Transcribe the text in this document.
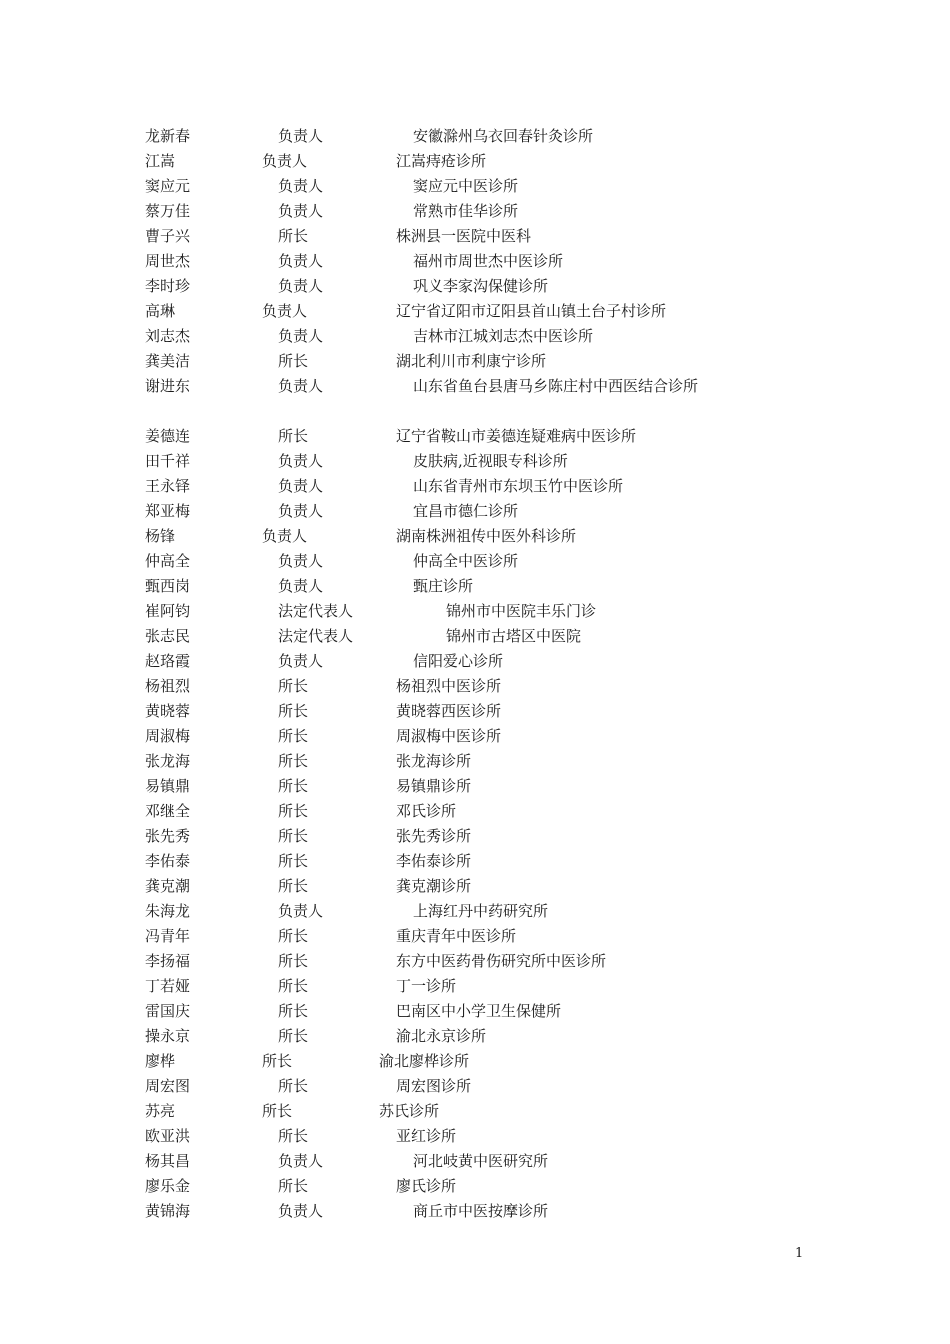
龙新春	负责人	安徽滁州乌衣回春针灸诊所
江嵩	负责人	江嵩痔疮诊所
窦应元	负责人	窦应元中医诊所
蔡万佳	负责人	常熟市佳华诊所
曹子兴	所长	株洲县一医院中医科
周世杰	负责人	福州市周世杰中医诊所
李时珍	负责人	巩义李家沟保健诊所
高琳	负责人	辽宁省辽阳市辽阳县首山镇土台子村诊所
刘志杰	负责人	吉林市江城刘志杰中医诊所
龚美洁	所长	湖北利川市利康宁诊所
谢进东	负责人	山东省鱼台县唐马乡陈庄村中西医结合诊所
姜德连	所长	辽宁省鞍山市姜德连疑难病中医诊所
田千祥	负责人	皮肤病,近视眼专科诊所
王永铎	负责人	山东省青州市东坝玉竹中医诊所
郑亚梅	负责人	宜昌市德仁诊所
杨锋	负责人	湖南株洲祖传中医外科诊所
仲高全	负责人	仲高全中医诊所
甄西岗	负责人	甄庄诊所
崔阿钧	法定代表人	锦州市中医院丰乐门诊
张志民	法定代表人	锦州市古塔区中医院
赵珞霞	负责人	信阳爱心诊所
杨祖烈	所长	杨祖烈中医诊所
黄晓蓉	所长	黄晓蓉西医诊所
周淑梅	所长	周淑梅中医诊所
张龙海	所长	张龙海诊所
易镇鼎	所长	易镇鼎诊所
邓继全	所长	邓氏诊所
张先秀	所长	张先秀诊所
李佑泰	所长	李佑泰诊所
龚克潮	所长	龚克潮诊所
朱海龙	负责人	上海红丹中药研究所
冯青年	所长	重庆青年中医诊所
李扬福	所长	东方中医药骨伤研究所中医诊所
丁若娅	所长	丁一诊所
雷国庆	所长	巴南区中小学卫生保健所
操永京	所长	渝北永京诊所
廖桦	所长	渝北廖桦诊所
周宏图	所长	周宏图诊所
苏亮	所长	苏氏诊所
欧亚洪	所长	亚红诊所
杨其昌	负责人	河北岐黄中医研究所
廖乐金	所长	廖氏诊所
黄锦海	负责人	商丘市中医按摩诊所
1
